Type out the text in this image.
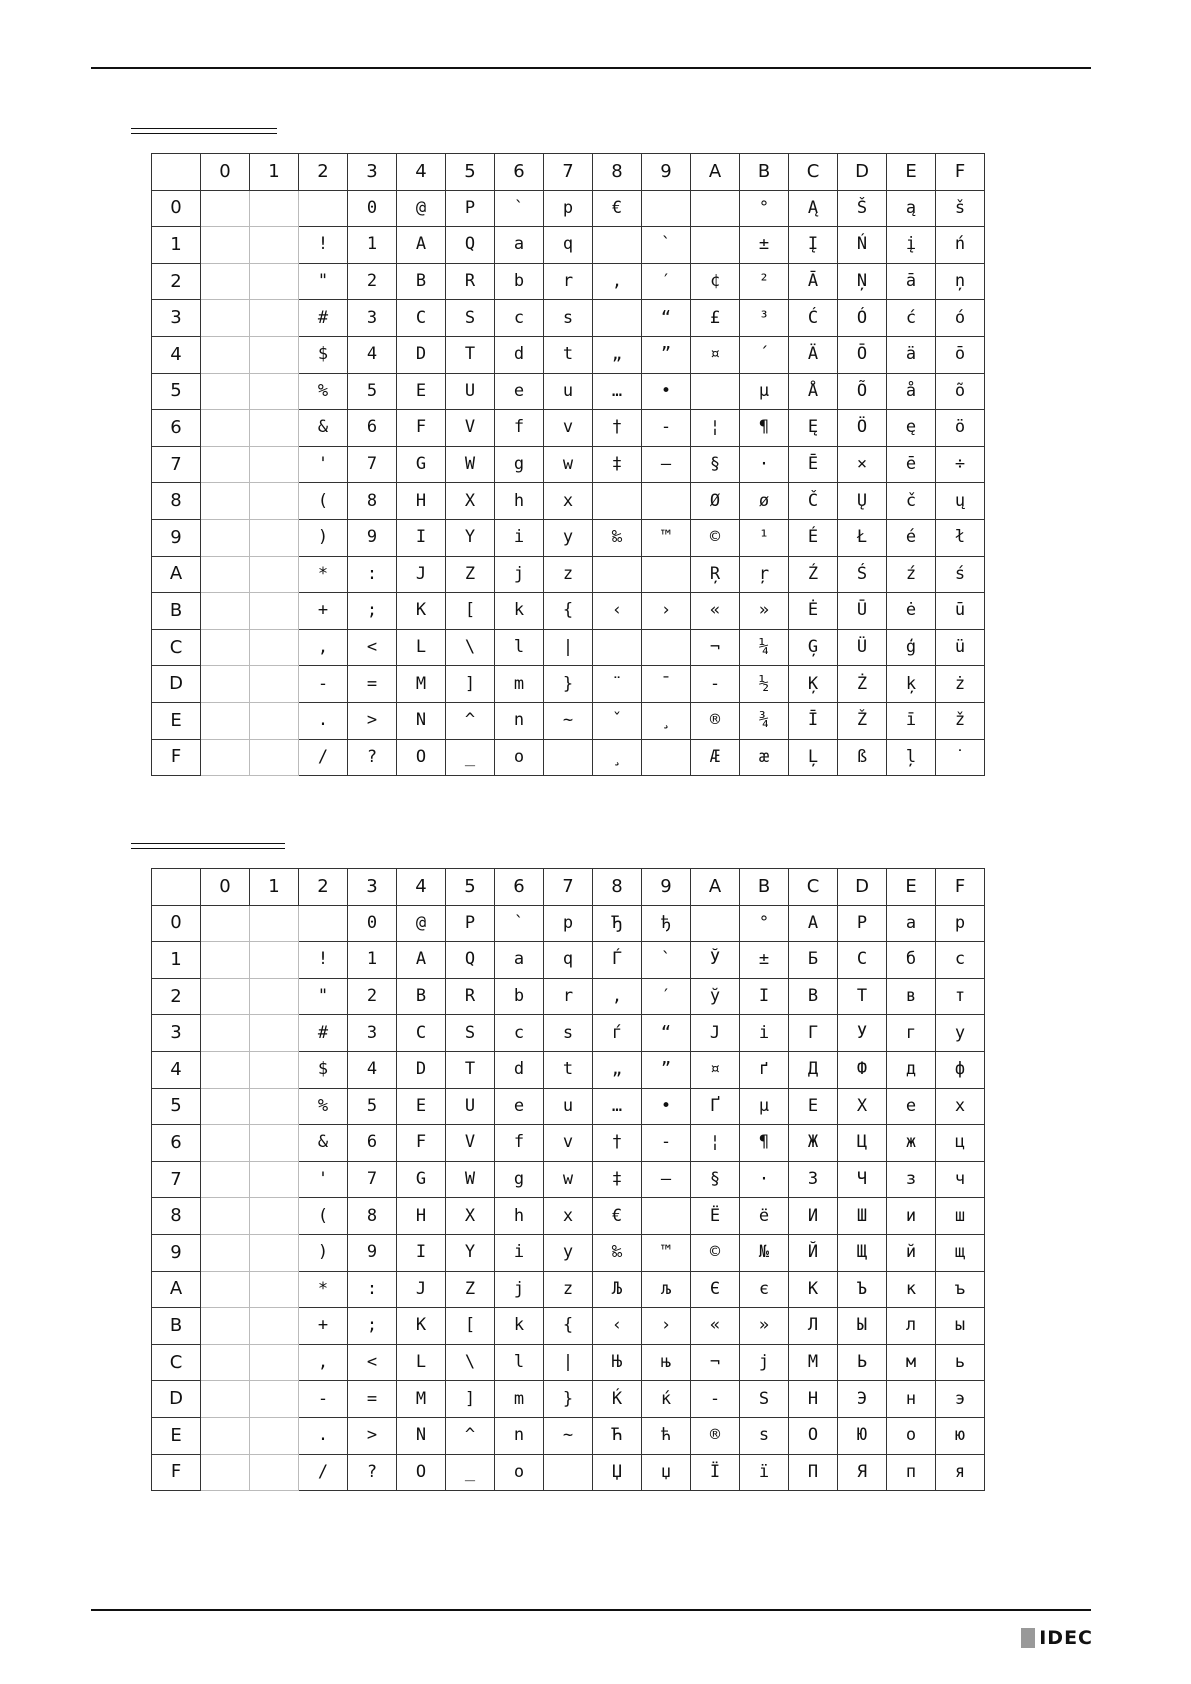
	0	1	2	3	4	5	6	7	8	9	A	B	C	D	E	F
0				0	@	P	`	p	€			°	Ą	Š	ą	š
1			!	1	A	Q	a	q		`		±	Į	Ń	į	ń
2			"	2	B	R	b	r	‚	′	¢	²	Ā	Ņ	ā	ņ
3			#	3	C	S	c	s		“	£	³	Ć	Ó	ć	ó
4			$	4	D	T	d	t	„	”	¤	´	Ä	Ō	ä	ō
5			%	5	E	U	e	u	…	•		µ	Å	Õ	å	õ
6			&	6	F	V	f	v	†	-	¦	¶	Ę	Ö	ę	ö
7			'	7	G	W	g	w	‡	–	§	·	Ē	×	ē	÷
8			(	8	H	X	h	x			Ø	ø	Č	Ų	č	ų
9			)	9	I	Y	i	y	‰	™	©	¹	É	Ł	é	ł
A			*	:	J	Z	j	z			Ŗ	ŗ	Ź	Ś	ź	ś
B			+	;	K	[	k	{	‹	›	«	»	Ė	Ū	ė	ū
C			,	<	L	\	l	|			¬	¼	Ģ	Ü	ģ	ü
D			-	=	M	]	m	}	¨	¯	-	½	Ķ	Ż	ķ	ż
E			.	>	N	^	n	~	ˇ	¸	®	¾	Ī	Ž	ī	ž
F			/	?	O	_	o		¸		Æ	æ	Ļ	ß	ļ	˙
	0	1	2	3	4	5	6	7	8	9	A	B	C	D	E	F
0				0	@	P	`	p	Ђ	ђ		°	А	Р	а	р
1			!	1	A	Q	a	q	Ѓ	`	Ў	±	Б	С	б	с
2			"	2	B	R	b	r	‚	′	ў	І	В	Т	в	т
3			#	3	C	S	c	s	ѓ	“	Ј	і	Г	У	г	у
4			$	4	D	T	d	t	„	”	¤	ґ	Д	Ф	д	ф
5			%	5	E	U	e	u	…	•	Ґ	µ	Е	Х	е	х
6			&	6	F	V	f	v	†	-	¦	¶	Ж	Ц	ж	ц
7			'	7	G	W	g	w	‡	–	§	·	З	Ч	з	ч
8			(	8	H	X	h	x	€		Ё	ё	И	Ш	и	ш
9			)	9	I	Y	i	y	‰	™	©	№	Й	Щ	й	щ
A			*	:	J	Z	j	z	Љ	љ	Є	є	К	Ъ	к	ъ
B			+	;	K	[	k	{	‹	›	«	»	Л	Ы	л	ы
C			,	<	L	\	l	|	Њ	њ	¬	ј	М	Ь	м	ь
D			-	=	M	]	m	}	Ќ	ќ	-	Ѕ	Н	Э	н	э
E			.	>	N	^	n	~	Ћ	ћ	®	ѕ	О	Ю	о	ю
F			/	?	O	_	o		Џ	џ	Ї	ї	П	Я	п	я
IDEC
